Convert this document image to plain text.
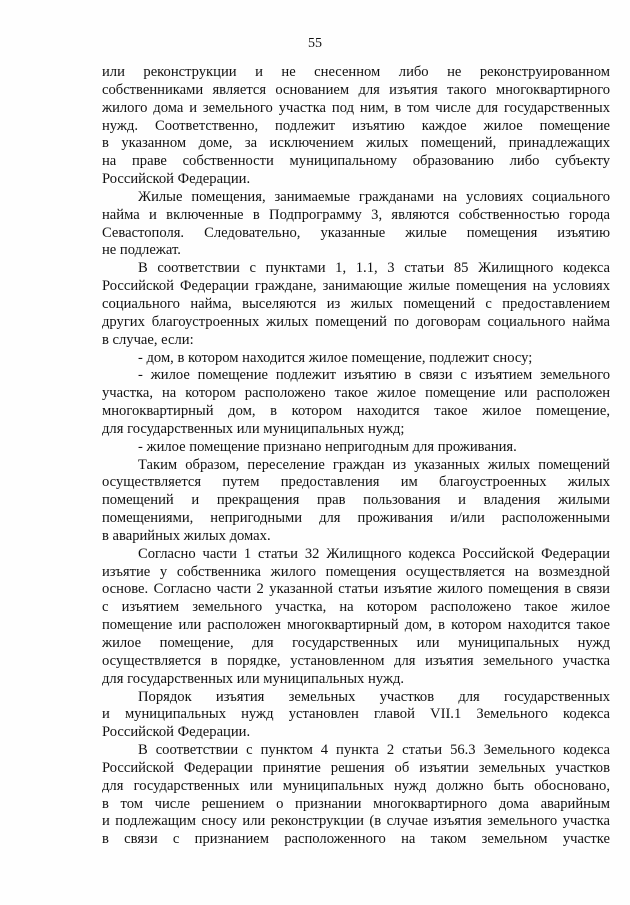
55
или реконструкции и не снесенном либо не реконструированном
собственниками является основанием для изъятия такого многоквартирного
жилого дома и земельного участка под ним, в том числе для государственных
нужд. Соответственно, подлежит изъятию каждое жилое помещение
в указанном доме, за исключением жилых помещений, принадлежащих
на праве собственности муниципальному образованию либо субъекту
Российской Федерации.
Жилые помещения, занимаемые гражданами на условиях социального
найма и включенные в Подпрограмму 3, являются собственностью города
Севастополя. Следовательно, указанные жилые помещения изъятию
не подлежат.
В соответствии с пунктами 1, 1.1, 3 статьи 85 Жилищного кодекса
Российской Федерации граждане, занимающие жилые помещения на условиях
социального найма, выселяются из жилых помещений с предоставлением
других благоустроенных жилых помещений по договорам социального найма
в случае, если:
- дом, в котором находится жилое помещение, подлежит сносу;
- жилое помещение подлежит изъятию в связи с изъятием земельного
участка, на котором расположено такое жилое помещение или расположен
многоквартирный дом, в котором находится такое жилое помещение,
для государственных или муниципальных нужд;
- жилое помещение признано непригодным для проживания.
Таким образом, переселение граждан из указанных жилых помещений
осуществляется путем предоставления им благоустроенных жилых
помещений и прекращения прав пользования и владения жилыми
помещениями, непригодными для проживания и/или расположенными
в аварийных жилых домах.
Согласно части 1 статьи 32 Жилищного кодекса Российской Федерации
изъятие у собственника жилого помещения осуществляется на возмездной
основе. Согласно части 2 указанной статьи изъятие жилого помещения в связи
с изъятием земельного участка, на котором расположено такое жилое
помещение или расположен многоквартирный дом, в котором находится такое
жилое помещение, для государственных или муниципальных нужд
осуществляется в порядке, установленном для изъятия земельного участка
для государственных или муниципальных нужд.
Порядок изъятия земельных участков для государственных
и муниципальных нужд установлен главой VII.1 Земельного кодекса
Российской Федерации.
В соответствии с пунктом 4 пункта 2 статьи 56.3 Земельного кодекса
Российской Федерации принятие решения об изъятии земельных участков
для государственных или муниципальных нужд должно быть обосновано,
в том числе решением о признании многоквартирного дома аварийным
и подлежащим сносу или реконструкции (в случае изъятия земельного участка
в связи с признанием расположенного на таком земельном участке
